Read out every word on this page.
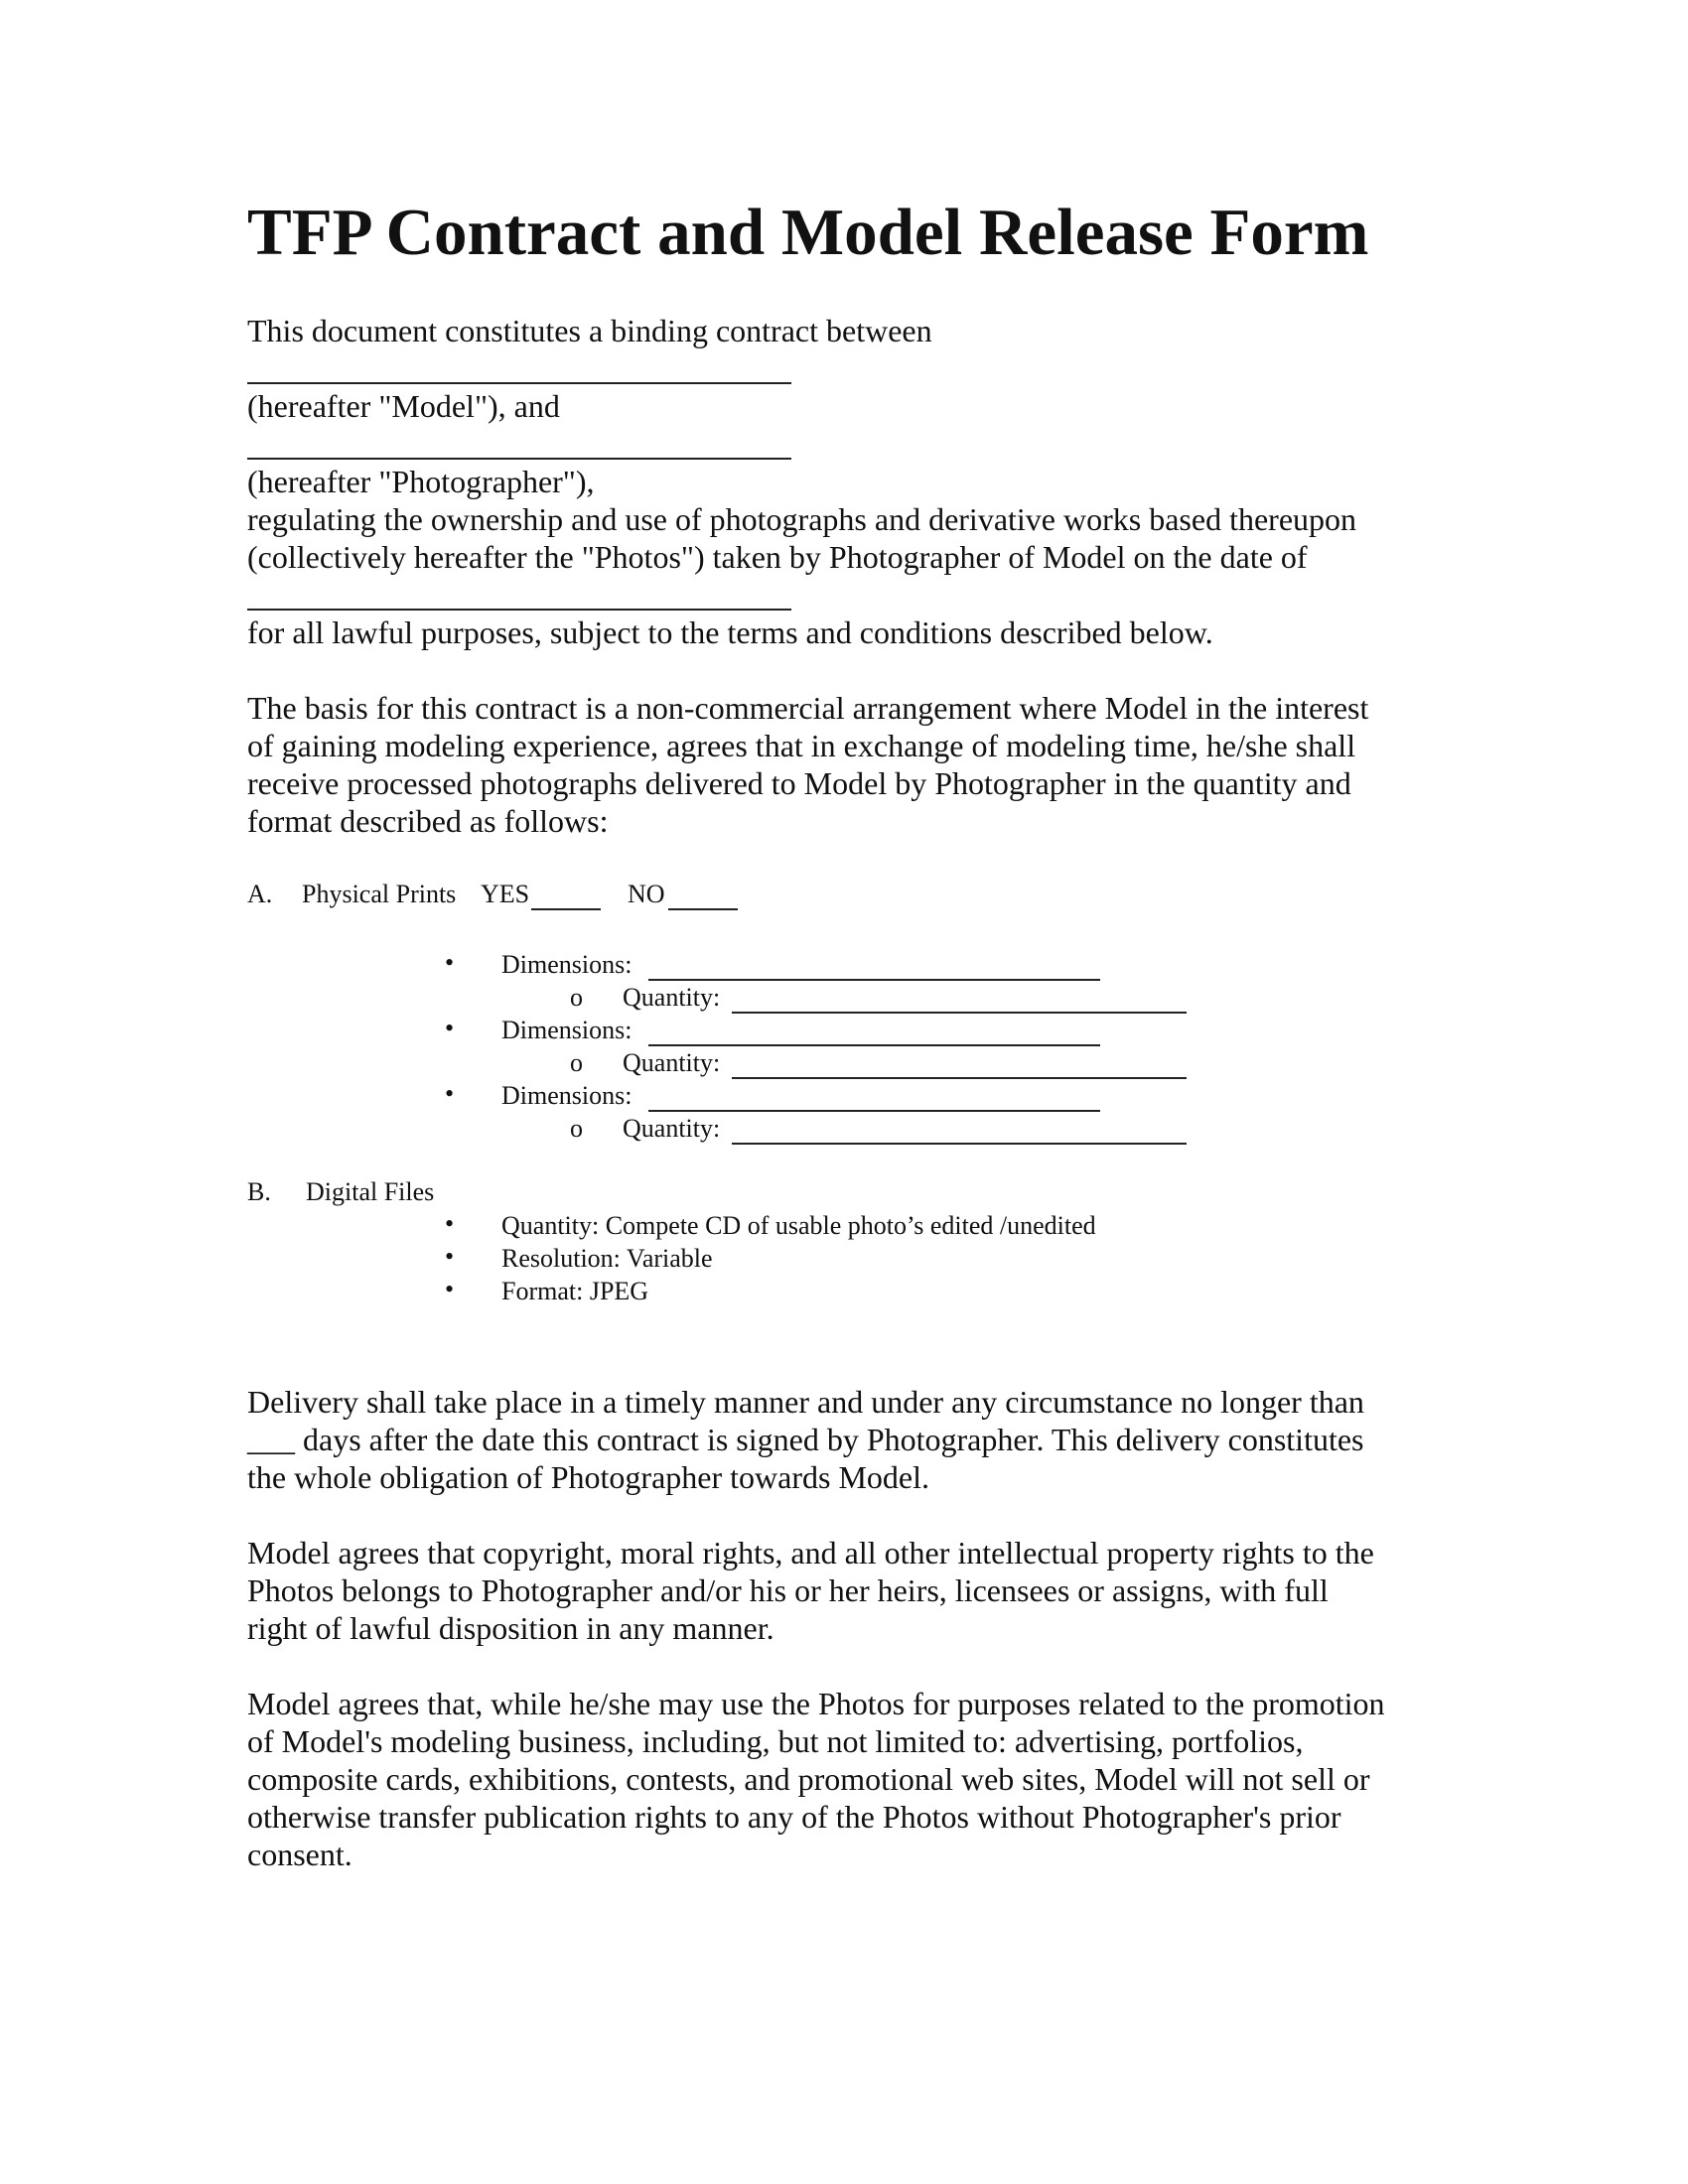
TFP Contract and Model Release Form

This document constitutes a binding contract between

(hereafter "Model"), and

(hereafter "Photographer"),

regulating the ownership and use of photographs and derivative works based thereupon

(collectively hereafter the "Photos") taken by Photographer of Model on the date of

for all lawful purposes, subject to the terms and conditions described below.

The basis for this contract is a non-commercial arrangement where Model in the interest

of gaining modeling experience, agrees that in exchange of modeling time, he/she shall

receive processed photographs delivered to Model by Photographer in the quantity and

format described as follows:

A. Physical Prints YES	NO
• Dimensions:
o Quantity:
• Dimensions:
o Quantity:
• Dimensions:
o Quantity:
B. Digital Files
• Quantity: Compete CD of usable photo’s edited /unedited
• Resolution: Variable
• Format: JPEG

Delivery shall take place in a timely manner and under any circumstance no longer than

___ days after the date this contract is signed by Photographer. This delivery constitutes

the whole obligation of Photographer towards Model.

Model agrees that copyright, moral rights, and all other intellectual property rights to the

Photos belongs to Photographer and/or his or her heirs, licensees or assigns, with full

right of lawful disposition in any manner.

Model agrees that, while he/she may use the Photos for purposes related to the promotion

of Model's modeling business, including, but not limited to: advertising, portfolios,

composite cards, exhibitions, contests, and promotional web sites, Model will not sell or

otherwise transfer publication rights to any of the Photos without Photographer's prior

consent.
